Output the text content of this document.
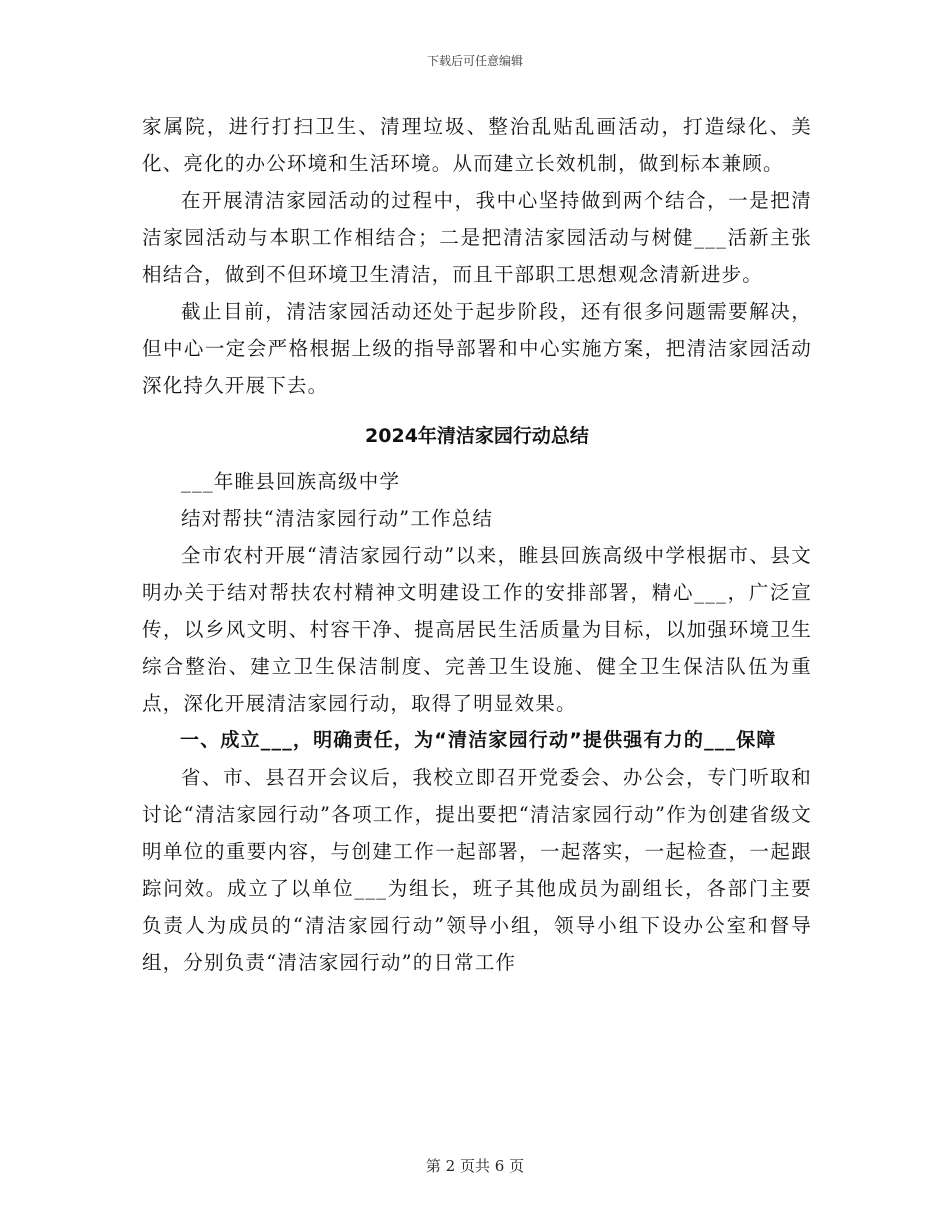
下载后可任意编辑

家属院，进行打扫卫生、清理垃圾、整治乱贴乱画活动，打造绿化、美化、亮化的办公环境和生活环境。从而建立长效机制，做到标本兼顾。

在开展清洁家园活动的过程中，我中心坚持做到两个结合，一是把清洁家园活动与本职工作相结合；二是把清洁家园活动与树健___活新主张相结合，做到不但环境卫生清洁，而且干部职工思想观念清新进步。

截止目前，清洁家园活动还处于起步阶段，还有很多问题需要解决，但中心一定会严格根据上级的指导部署和中心实施方案，把清洁家园活动深化持久开展下去。

2024年清洁家园行动总结

___年睢县回族高级中学

结对帮扶“清洁家园行动”工作总结

全市农村开展“清洁家园行动”以来，睢县回族高级中学根据市、县文明办关于结对帮扶农村精神文明建设工作的安排部署，精心___，广泛宣传，以乡风文明、村容干净、提高居民生活质量为目标，以加强环境卫生综合整治、建立卫生保洁制度、完善卫生设施、健全卫生保洁队伍为重点，深化开展清洁家园行动，取得了明显效果。

一、成立___，明确责任，为“清洁家园行动”提供强有力的___保障

省、市、县召开会议后，我校立即召开党委会、办公会，专门听取和讨论“清洁家园行动”各项工作，提出要把“清洁家园行动”作为创建省级文明单位的重要内容，与创建工作一起部署，一起落实，一起检查，一起跟踪问效。成立了以单位___为组长，班子其他成员为副组长，各部门主要负责人为成员的“清洁家园行动”领导小组，领导小组下设办公室和督导组，分别负责“清洁家园行动”的日常工作

第 2 页共 6 页
